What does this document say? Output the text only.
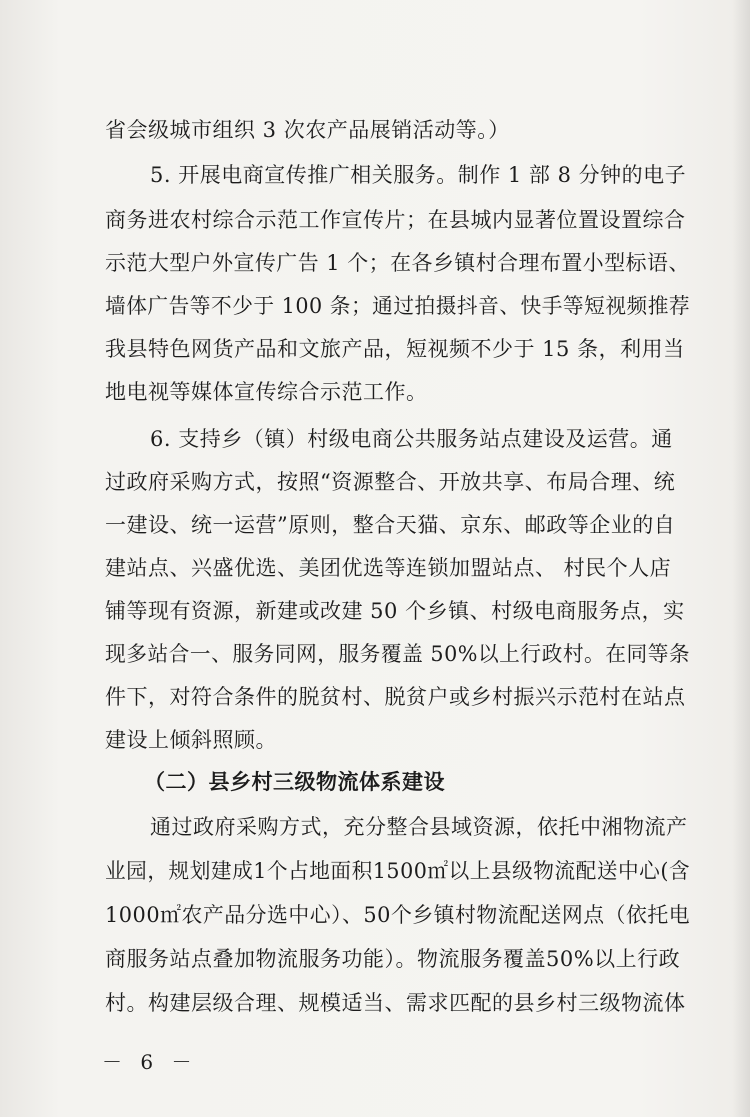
省会级城市组织 3 次农产品展销活动等。）
5. 开展电商宣传推广相关服务。制作 1 部 8 分钟的电子
商务进农村综合示范工作宣传片；在县城内显著位置设置综合
示范大型户外宣传广告 1 个；在各乡镇村合理布置小型标语、
墙体广告等不少于 100 条；通过拍摄抖音、快手等短视频推荐
我县特色网货产品和文旅产品，短视频不少于 15 条，利用当
地电视等媒体宣传综合示范工作。
6. 支持乡（镇）村级电商公共服务站点建设及运营。通
过政府采购方式，按照“资源整合、开放共享、布局合理、统
一建设、统一运营”原则，整合天猫、京东、邮政等企业的自
建站点、兴盛优选、美团优选等连锁加盟站点、 村民个人店
铺等现有资源，新建或改建 50 个乡镇、村级电商服务点，实
现多站合一、服务同网，服务覆盖 50%以上行政村。在同等条
件下，对符合条件的脱贫村、脱贫户或乡村振兴示范村在站点
建设上倾斜照顾。
（二）县乡村三级物流体系建设
通过政府采购方式，充分整合县域资源，依托中湘物流产
业园，规划建成1个占地面积1500㎡以上县级物流配送中心(含
1000㎡农产品分选中心）、50个乡镇村物流配送网点（依托电
商服务站点叠加物流服务功能）。物流服务覆盖50%以上行政
村。构建层级合理、规模适当、需求匹配的县乡村三级物流体
－ 6 －
